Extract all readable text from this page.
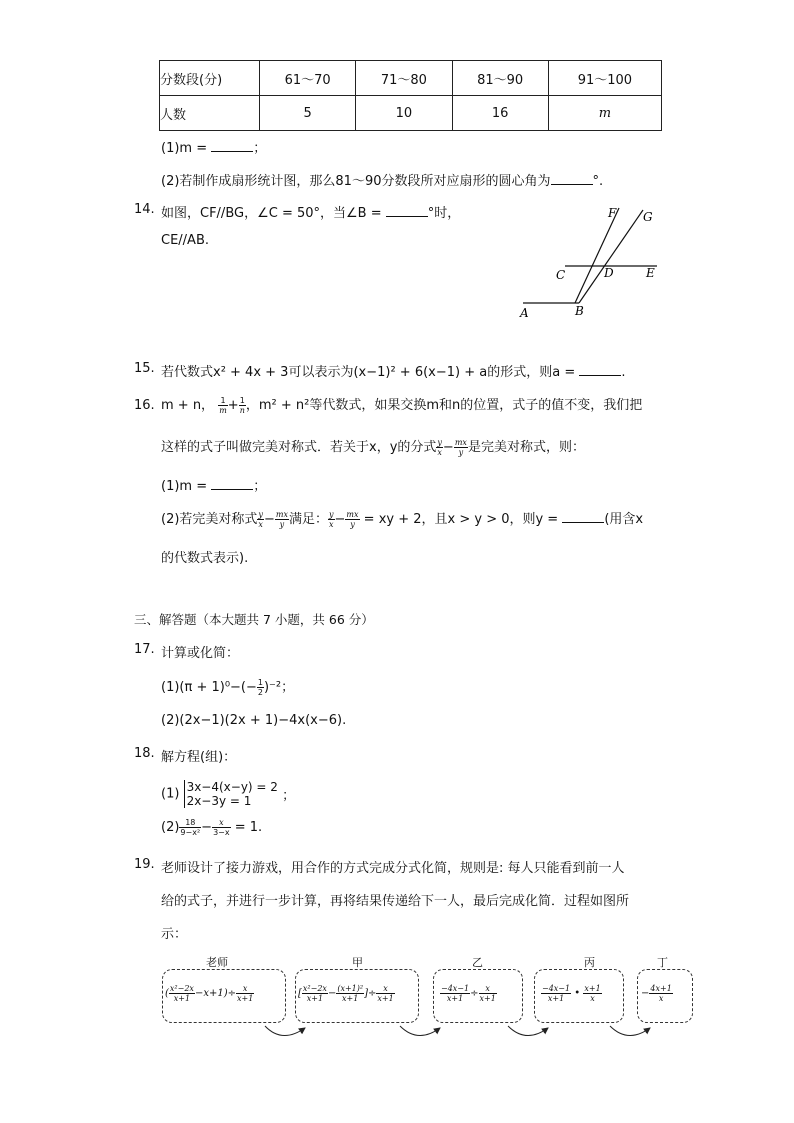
分数段(分)	61～70	71～80	81～90	91～100
人数	5	10	16	m
(1)m =	；
(2)若制作成扇形统计图，那么81～90分数段所对应扇形的圆心角为	°.
14. 如图，CF//BG，∠C = 50°，当∠B =	°时，
CE//AB.
F G
C	D	E
A	B
15. 若代数式x² + 4x + 3可以表示为(x−1)² + 6(x−1) + a的形式，则a =	.
16. m + n， $\frac{1}{m} + \frac{1}{n}$ ，m² + n²等代数式，如果交换m和n的位置，式子的值不变，我们把
这样的式子叫做完美对称式．若关于x，y的分式 $\frac{y}{x} - \frac{mx}{y}$ 是完美对称式，则：
(1)m =	；
(2)若完美对称式 $\frac{y}{x} - \frac{mx}{y}$ 满足： $\frac{y}{x} - \frac{mx}{y}$ = xy + 2，且x > y > 0，则y =	(用含x
的代数式表示).
三、解答题（本大题共 7 小题，共 66 分）
17. 计算或化简：
$(1)(\pi + 1)^0-(- \frac{1}{2} )^{-2}$；
(2)(2x−1)(2x + 1)−4x(x−6).
18. 解方程(组)：
(1) 3x−4(x−y) = 2
2x−3y = 1	；
$(2) \frac{18}{\text{9−x²}} - \frac{x}{3-x} = 1$.
19. 老师设计了接力游戏，用合作的方式完成分式化简，规则是: 每人只能看到前一人
给的式子，并进行一步计算，再将结果传递给下一人，最后完成化简．过程如图所
示：
老师	甲	乙	丙	丁
( $\frac{\text{x²−2x}}{x+1} -x+1)\div \frac{x}{x+1}$	[ $\frac{\text{x²−2x}}{x+1} - \frac{\text{(x+1)²}}{x+1}$ ]÷ $\frac{x}{x+1}$	$\frac{-4x-1}{x+1} \div \frac{x}{x+1}$	$\frac{-4x-1}{x+1}$ • $\frac{x+1}{x}$	− $\frac{4x+1}{x}$
